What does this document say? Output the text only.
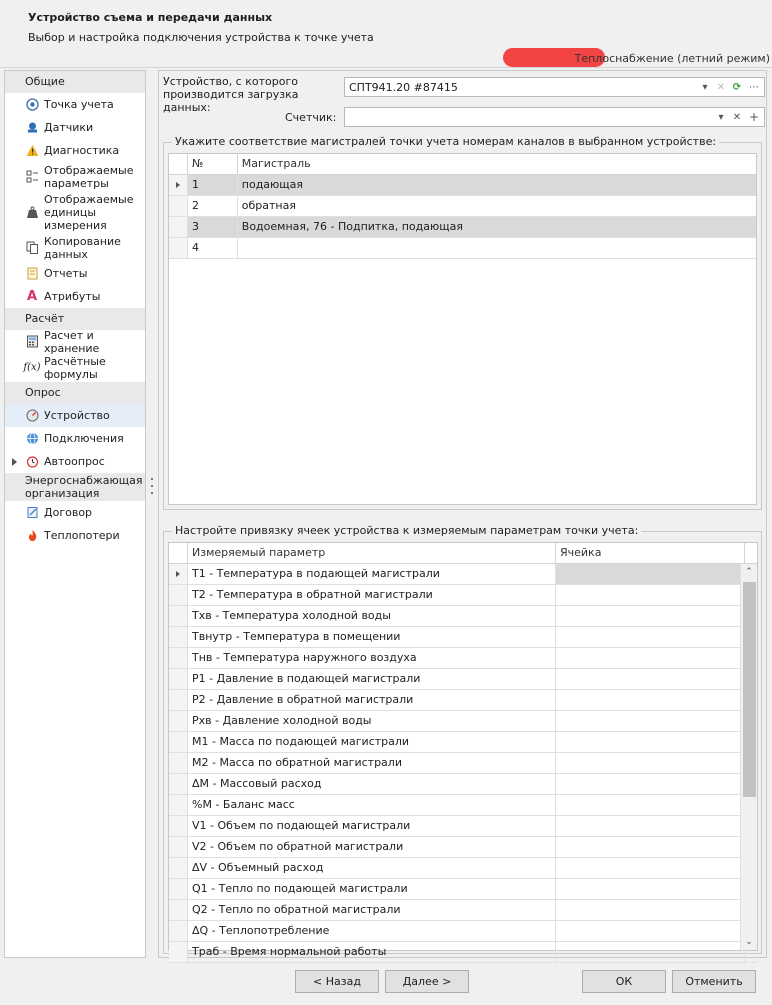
Устройство съема и передачи данных
Выбор и настройка подключения устройства к точке учета
Теплоснабжение (летний режим)
Общие
Точка учета
Датчики
Диагностика
Отображаемые параметры
Отображаемые единицы измерения
Копирование данных
Отчеты
A Атрибуты
Расчёт
Расчет и хранение
f(x) Расчётные формулы
Опрос
Устройство
Подключения
Автоопрос
Энергоснабжающая организация
Договор
Теплопотери
Устройство, с которого производится загрузка данных:
СПТ941.20 #87415	▾ ✕ ⟳ ⋯
Счетчик:	▾ ✕ +
Укажите соответствие магистралей точки учета номерам каналов в выбранном устройстве:
№	Магистраль
1	подающая
2	обратная
3	Водоемная, 76 - Подпитка, подающая
4
Настройте привязку ячеек устройства к измеряемым параметрам точки учета:
Измеряемый параметр	Ячейка
T1 - Температура в подающей магистрали
T2 - Температура в обратной магистрали
Тхв - Температура холодной воды
Твнутр - Температура в помещении
Тнв - Температура наружного воздуха
P1 - Давление в подающей магистрали
P2 - Давление в обратной магистрали
Рхв - Давление холодной воды
M1 - Масса по подающей магистрали
M2 - Масса по обратной магистрали
ΔM - Массовый расход
%M - Баланс масс
V1 - Объем по подающей магистрали
V2 - Объем по обратной магистрали
ΔV - Объемный расход
Q1 - Тепло по подающей магистрали
Q2 - Тепло по обратной магистрали
ΔQ - Теплопотребление
Траб - Время нормальной работы
⌃
⌄
< Назад	Далее >	ОК	Отменить
